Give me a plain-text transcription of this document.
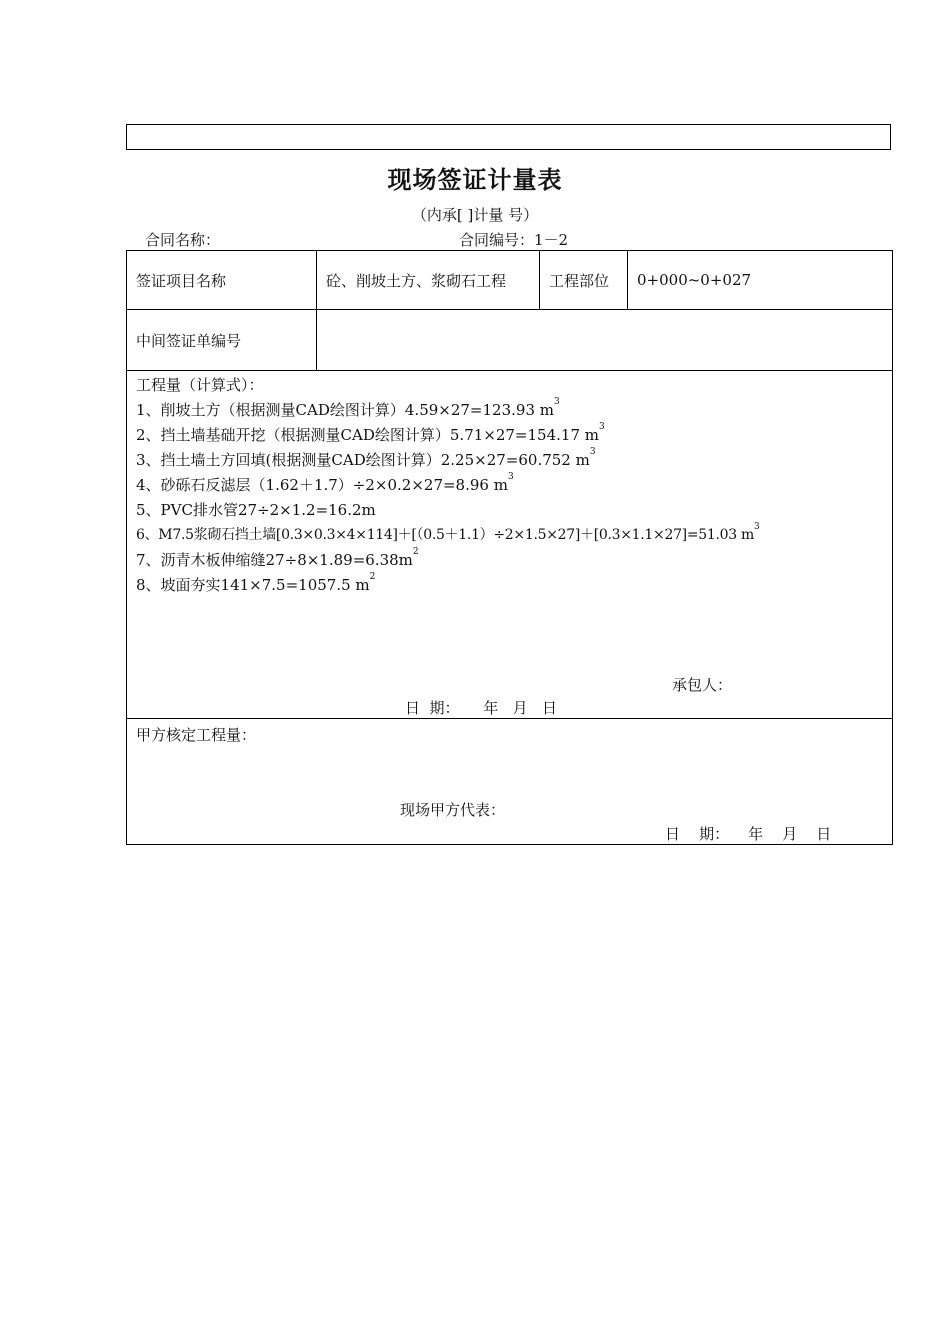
现场签证计量表
（内承[ ]计量 号）
合同名称：	合同编号：1－2
签证项目名称	砼、削坡土方、浆砌石工程	工程部位	0+000~0+027
中间签证单编号			
工程量（计算式）：
1、削坡土方（根据测量CAD绘图计算）4.59×27=123.93 $m^3$
2、挡土墙基础开挖（根据测量CAD绘图计算）5.71×27=154.17 $m^3$
3、挡土墙土方回填(根据测量CAD绘图计算）2.25×27=60.752 $m^3$
4、砂砾石反滤层（1.62＋1.7）÷2×0.2×27=8.96 $m^3$
5、PVC排水管27÷2×1.2=16.2m
6、M7.5浆砌石挡土墙[0.3×0.3×4×114]＋[（0.5＋1.1）÷2×1.5×27]＋[0.3×1.1×27]=51.03 $m^3$
7、沥青木板伸缩缝$27\div 8\times 1.89=6.38m^2$
8、坡面夯实141×7.5=1057.5 $m^2$
承包人：
日  期：     年   月   日
甲方核定工程量：
现场甲方代表：
日    期：    年    月    日
